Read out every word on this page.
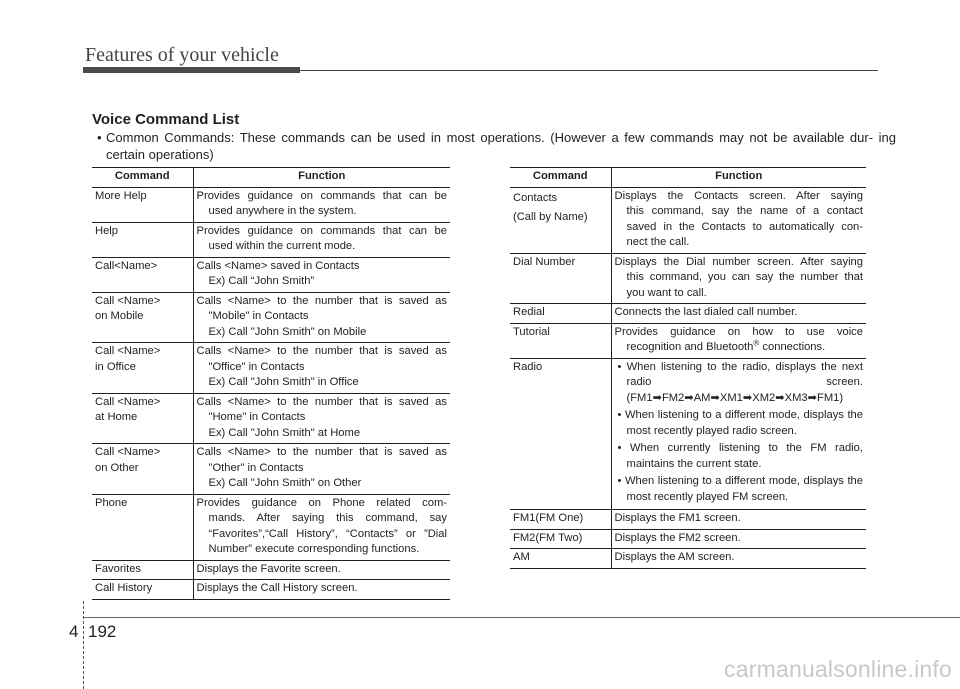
Features of your vehicle
Voice Command List
• Common Commands: These commands can be used in most operations. (However a few commands may not be available dur- ing certain operations)
Command	Function
More Help	Provides guidance on commands that can be
used anywhere in the system.

Help	Provides guidance on commands that can be
used within the current mode.

Call<Name>	Calls <Name> saved in Contacts
Ex) Call “John Smith”

Call <Name>
on Mobile	Calls <Name> to the number that is saved as
"Mobile" in Contacts
Ex) Call "John Smith" on Mobile

Call <Name>
in Office	Calls <Name> to the number that is saved as
"Office" in Contacts
Ex) Call "John Smith" in Office

Call <Name>
at Home	Calls <Name> to the number that is saved as
"Home" in Contacts
Ex) Call "John Smith" at Home

Call <Name>
on Other	Calls <Name> to the number that is saved as
"Other" in Contacts
Ex) Call "John Smith" on Other

Phone	Provides guidance on Phone related com-
mands. After saying this command, say
“Favorites”,“Call History”, “Contacts” or ”Dial
Number” execute corresponding functions.

Favorites	Displays the Favorite screen.

Call History	Displays the Call History screen.
Command	Function
Contacts
(Call by Name)	Displays the Contacts screen. After saying
this command, say the name of a contact
saved in the Contacts to automatically con-
nect the call.

Dial Number	Displays the Dial number screen. After saying
this command, you can say the number that
you want to call.

Redial	Connects the last dialed call number.

Tutorial	Provides guidance on how to use voice
recognition and Bluetooth® connections.

Radio	• When listening to the radio, displays the next radio screen. (FM1➡FM2➡AM➡XM1➡XM2➡XM3➡FM1)
• When listening to a different mode, displays the most recently played radio screen.
• When currently listening to the FM radio, maintains the current state.
• When listening to a different mode, displays the most recently played FM screen.

FM1(FM One)	Displays the FM1 screen.

FM2(FM Two)	Displays the FM2 screen.

AM	Displays the AM screen.
4 192
carmanualsonline.info
